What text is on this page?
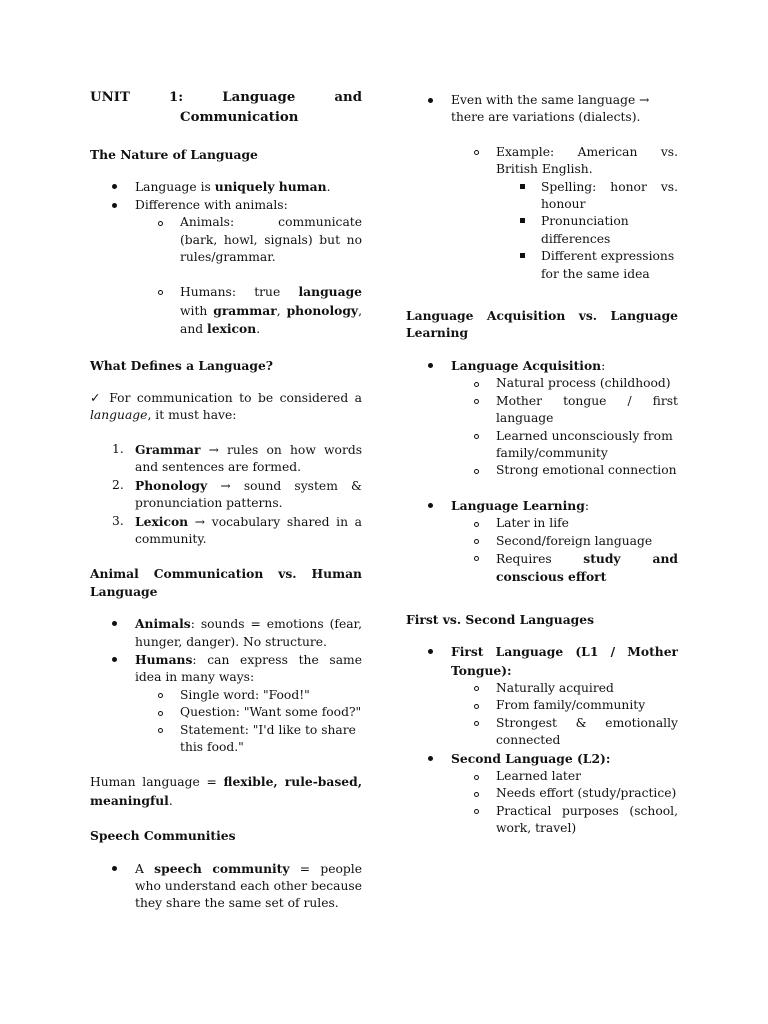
UNIT 1: Language and
Communication

The Nature of Language

Language is uniquely human.
Difference with animals:
Animals: communicate (bark, howl, signals) but no rules/grammar.
Humans: true language with grammar, phonology, and lexicon.

What Defines a Language?

✓ For communication to be considered a language, it must have:

1. Grammar → rules on how words and sentences are formed.
2. Phonology → sound system & pronunciation patterns.
3. Lexicon → vocabulary shared in a community.

Animal Communication vs. Human Language

Animals: sounds = emotions (fear, hunger, danger). No structure.
Humans: can express the same idea in many ways:
Single word: "Food!"
Question: "Want some food?"
Statement: "I'd like to share this food."

Human language = flexible, rule-based, meaningful.

Speech Communities

A speech community = people who understand each other because they share the same set of rules.
Even with the same language → there are variations (dialects).
Example: American vs. British English.
Spelling: honor vs. honour
Pronunciation differences
Different expressions for the same idea

Language Acquisition vs. Language Learning

Language Acquisition:
Natural process (childhood)
Mother tongue / first language
Learned unconsciously from family/community
Strong emotional connection
Language Learning:
Later in life
Second/foreign language
Requires study and conscious effort

First vs. Second Languages

First Language (L1 / Mother Tongue):
Naturally acquired
From family/community
Strongest & emotionally connected
Second Language (L2):
Learned later
Needs effort (study/practice)
Practical purposes (school, work, travel)
